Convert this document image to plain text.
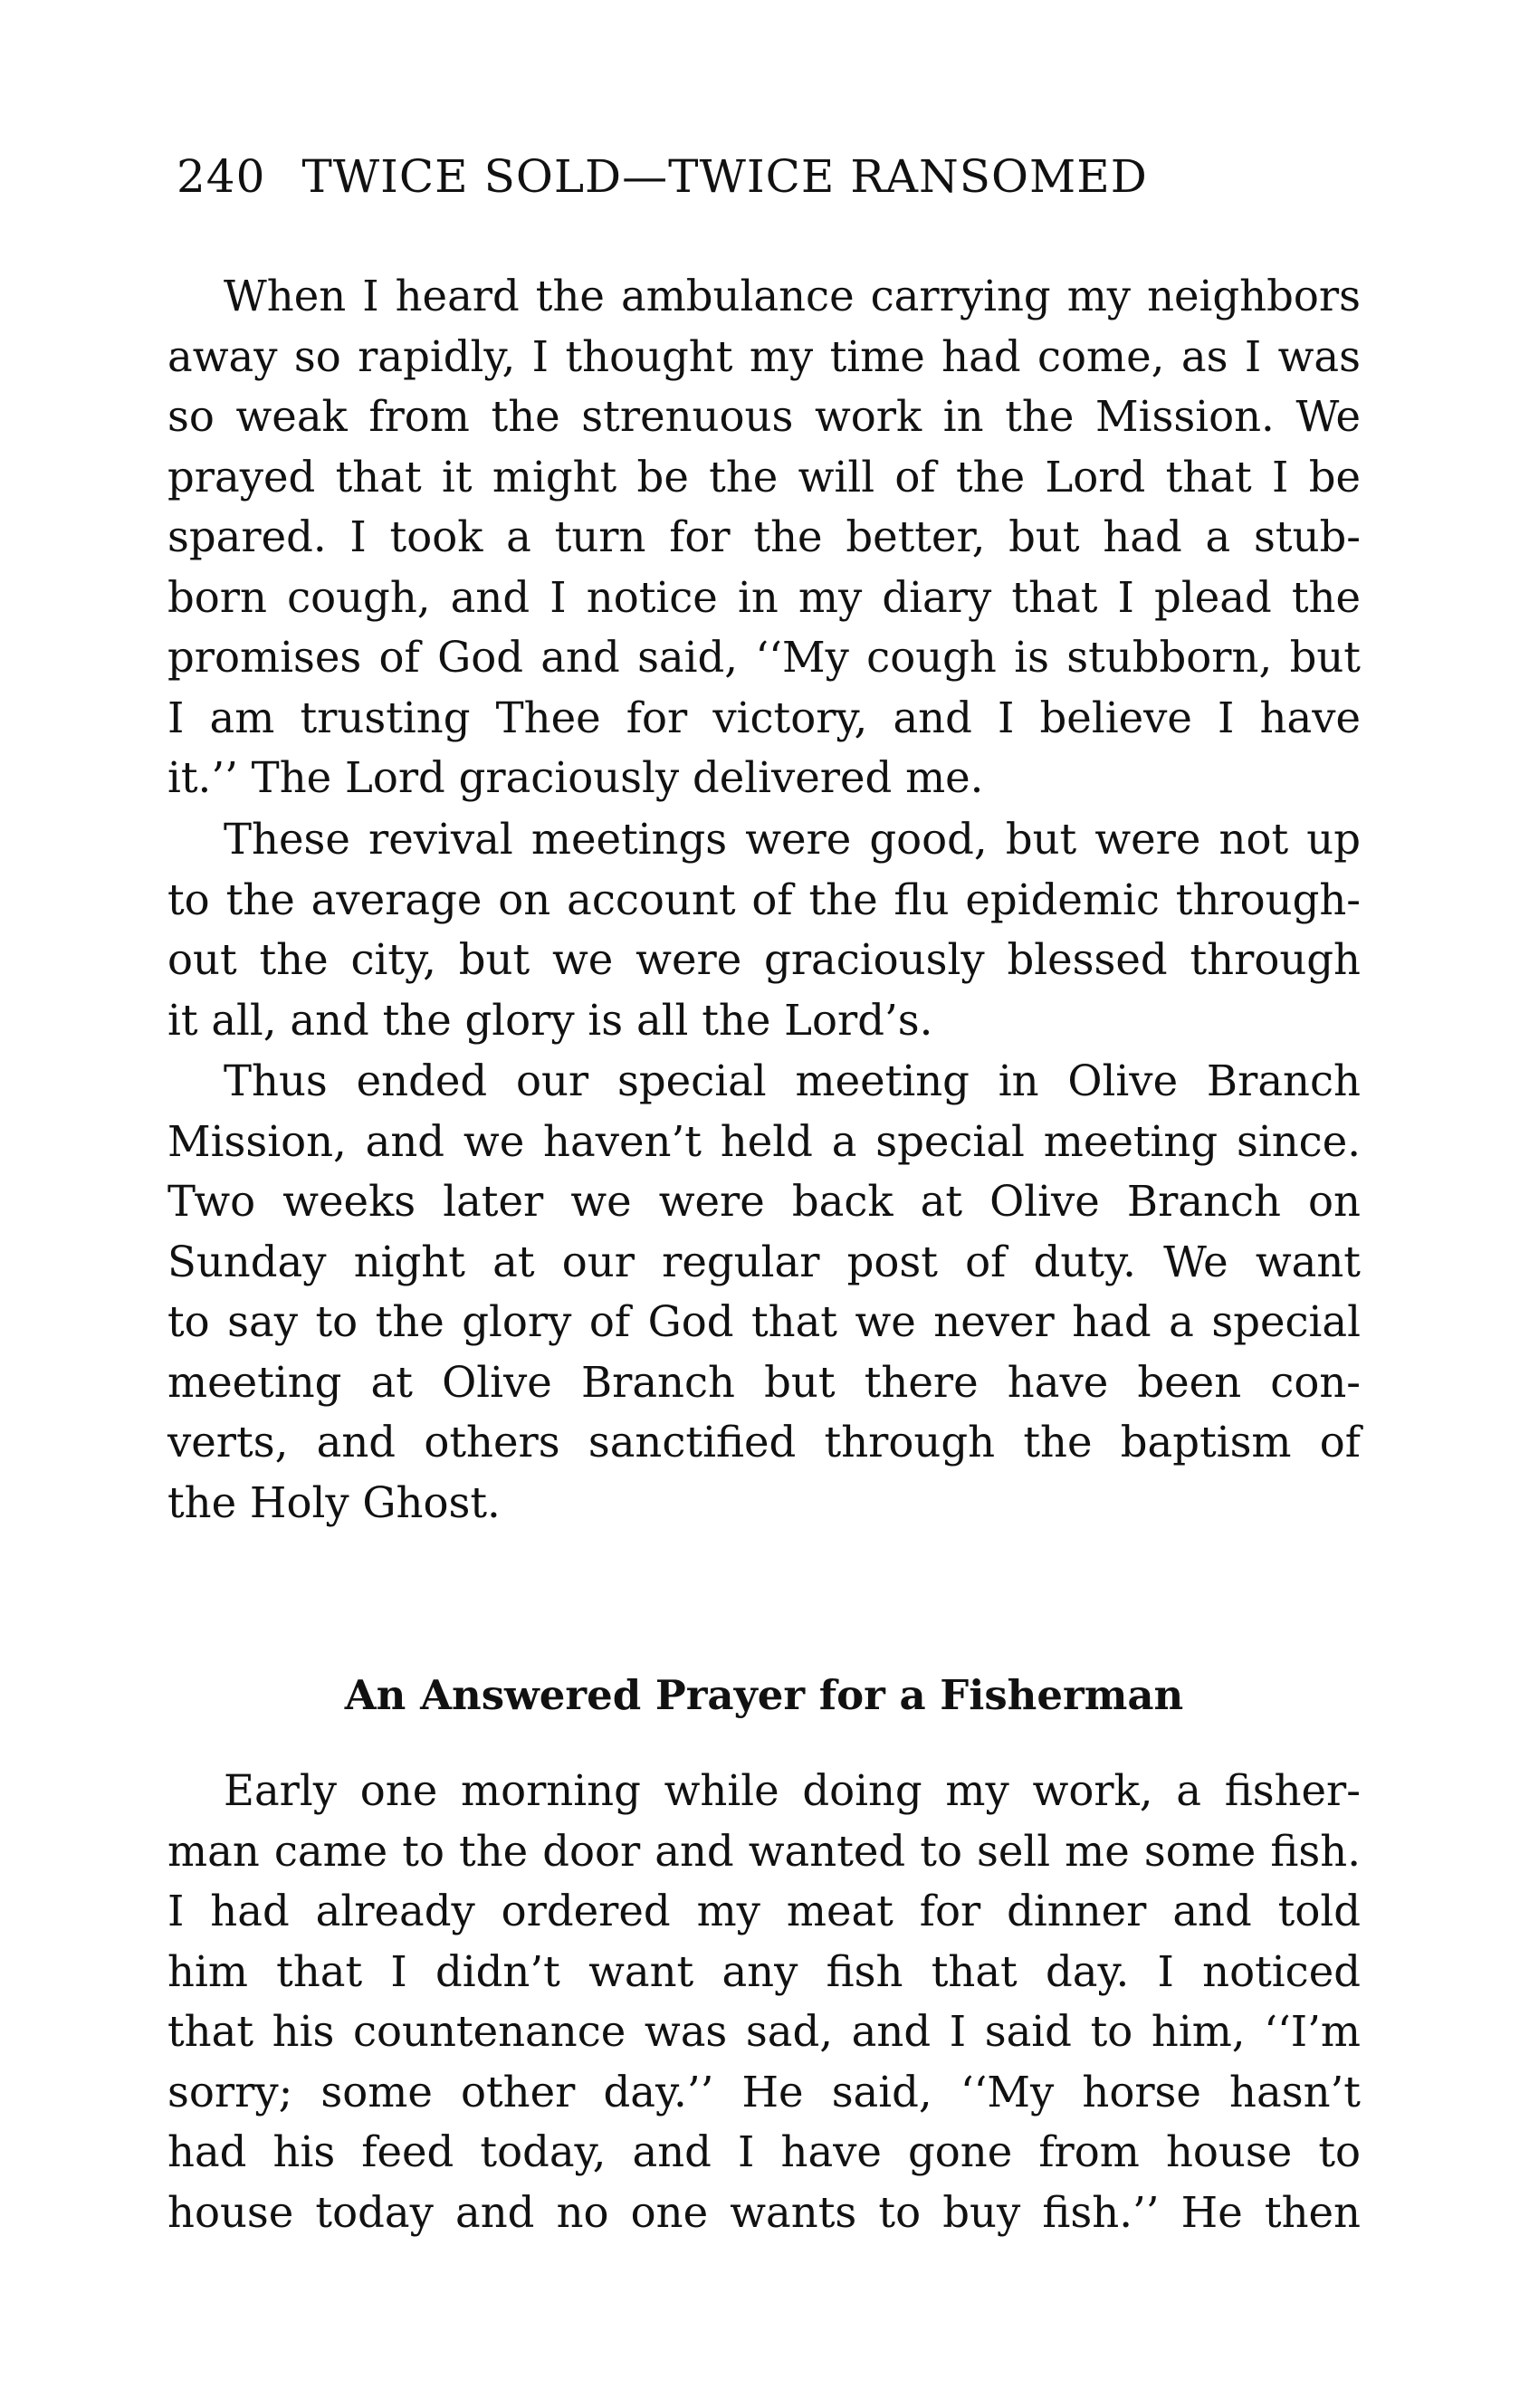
240 TWICE SOLD—TWICE RANSOMED
When I heard the ambulance carrying my neighbors
away so rapidly, I thought my time had come, as I was
so weak from the strenuous work in the Mission. We
prayed that it might be the will of the Lord that I be
spared. I took a turn for the better, but had a stub-
born cough, and I notice in my diary that I plead the
promises of God and said, ‘‘My cough is stubborn, but
I am trusting Thee for victory, and I believe I have
it.’’ The Lord graciously delivered me.
These revival meetings were good, but were not up
to the average on account of the flu epidemic through-
out the city, but we were graciously blessed through
it all, and the glory is all the Lord’s.
Thus ended our special meeting in Olive Branch
Mission, and we haven’t held a special meeting since.
Two weeks later we were back at Olive Branch on
Sunday night at our regular post of duty. We want
to say to the glory of God that we never had a special
meeting at Olive Branch but there have been con-
verts, and others sanctified through the baptism of
the Holy Ghost.
An Answered Prayer for a Fisherman
Early one morning while doing my work, a fisher-
man came to the door and wanted to sell me some fish.
I had already ordered my meat for dinner and told
him that I didn’t want any fish that day. I noticed
that his countenance was sad, and I said to him, ‘‘I’m
sorry; some other day.’’ He said, ‘‘My horse hasn’t
had his feed today, and I have gone from house to
house today and no one wants to buy fish.’’ He then
